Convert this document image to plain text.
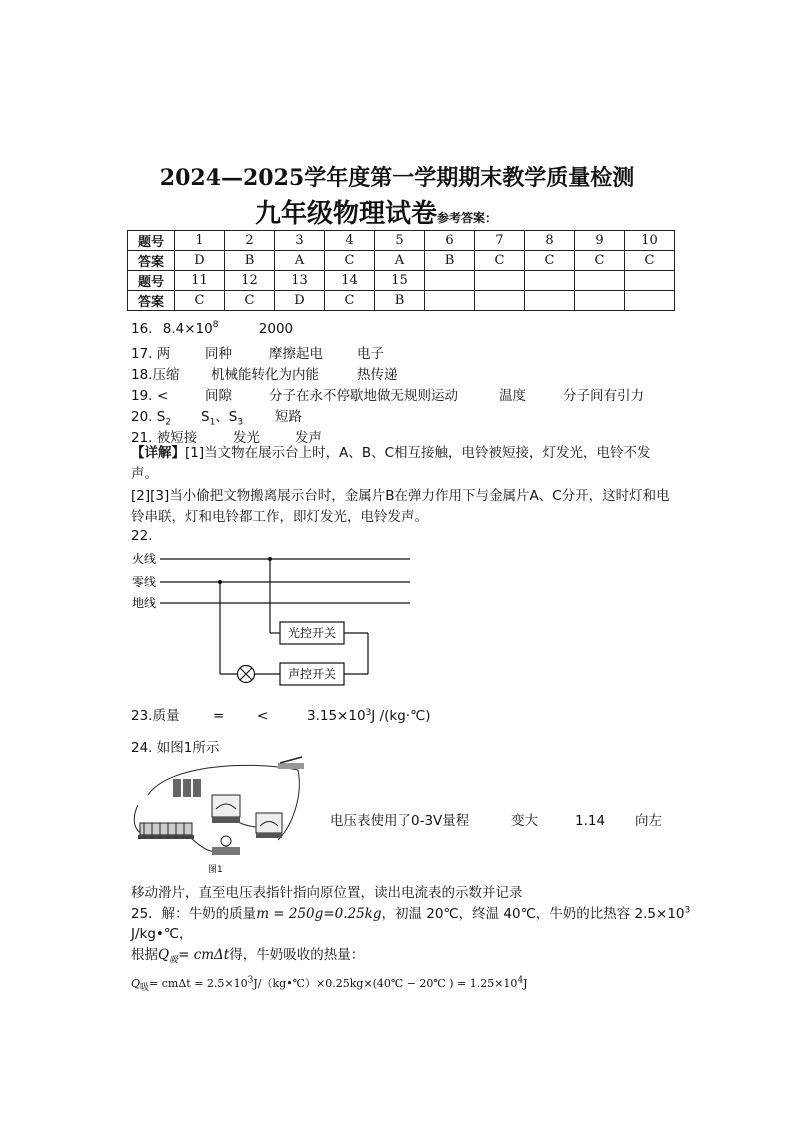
2024—2025学年度第一学期期末教学质量检测
九年级物理试卷参考答案：
题号	1	2	3	4	5	6	7	8	9	10
答案	D	B	A	C	A	B	C	C	C	C
题号	11	12	13	14	15					
答案	C	C	D	C	B					
16. $8.4\times 10^8$	2000
17. 两	同种	摩擦起电	电子
18.压缩 机械能转化为内能	热传递
19. <	间隙	分子在永不停歇地做无规则运动	温度	分子间有引力
20. $S_2$ $S_1$、$S_3$ 短路
21. 被短接	发光	发声
【详解】[1]当文物在展示台上时，A、B、C相互接触，电铃被短接，灯发光，电铃不发声。
[2][3]当小偷把文物搬离展示台时，金属片B在弹力作用下与金属片A、C分开，这时灯和电铃串联，灯和电铃都工作，即灯发光，电铃发声。
22.
火线
零线
地线
光控开关
声控开关
23.质量 = <	$3.15\times 10^3J$ /(kg·℃)
24. 如图1所示
图1
电压表使用了0-3V量程	变大	1.14 向左
移动滑片，直至电压表指针指向原位置，读出电流表的示数并记录
25．解：牛奶的质量m = 250g=0.25kg，初温 20℃，终温 40℃，牛奶的比热容 $2.5\times 10^3$
J/kg•℃，
根据$Q_吸= cm\Delta t$得，牛奶吸收的热量：
$Q_吸= cm\Delta t$ = $2.5\times 10^3J/(kg•℃)\times 0.25kg\times(40℃$ − 20℃ ) = $1.25\times 10^4J$
